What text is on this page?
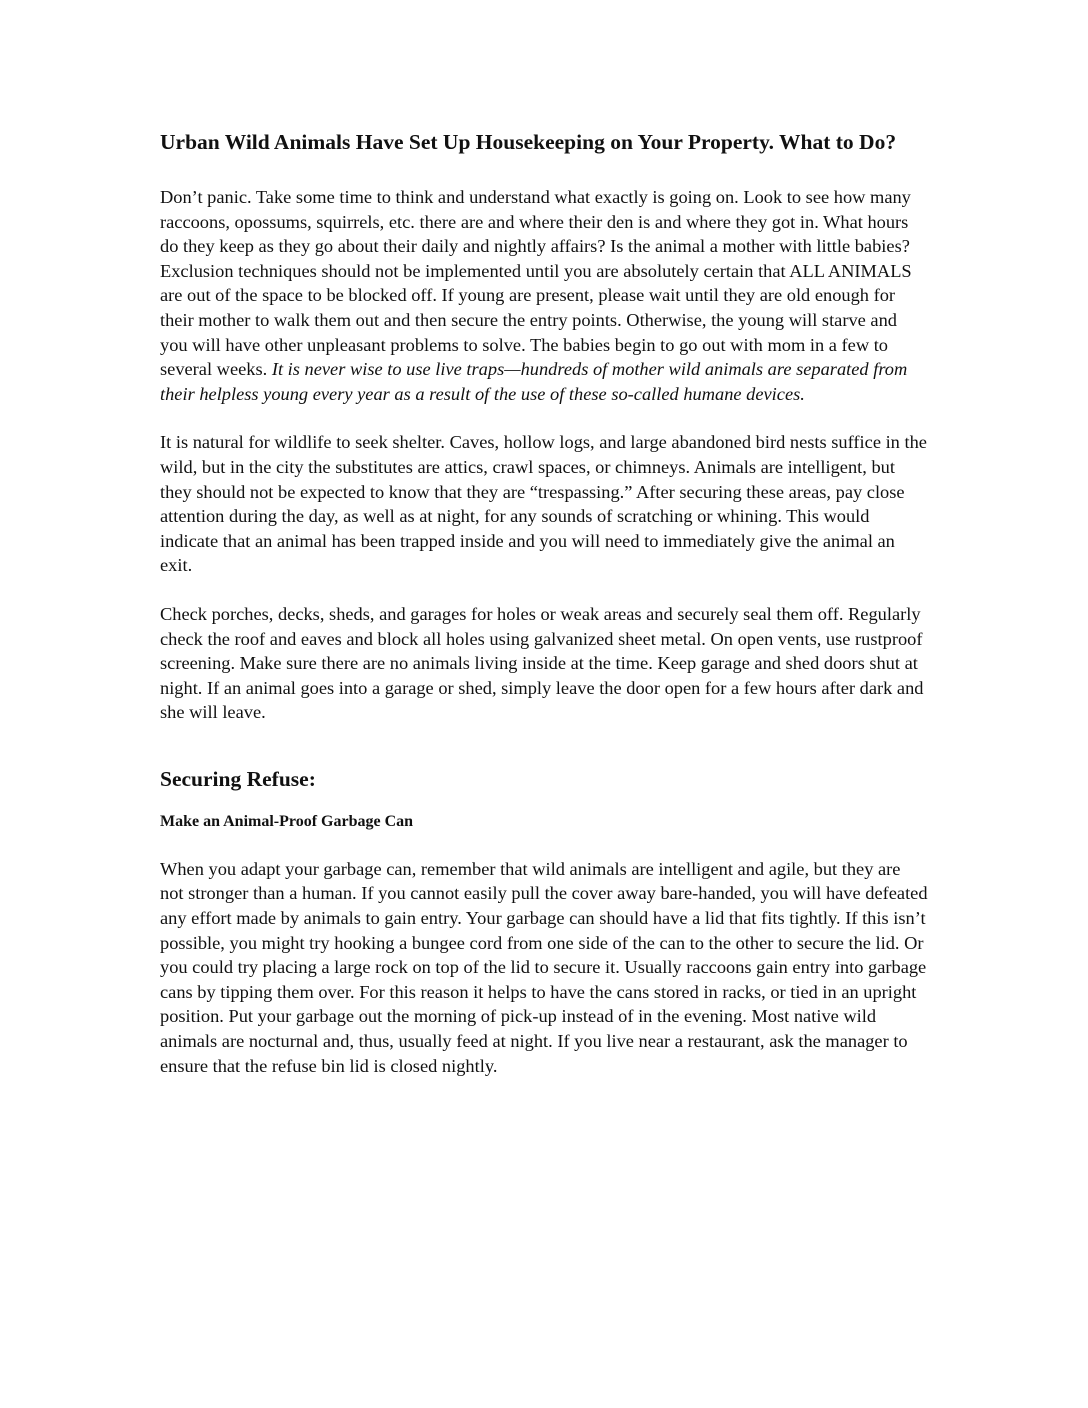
Urban Wild Animals Have Set Up Housekeeping on Your Property. What to Do?

Don’t panic. Take some time to think and understand what exactly is going on. Look to see how many raccoons, opossums, squirrels, etc. there are and where their den is and where they got in. What hours do they keep as they go about their daily and nightly affairs? Is the animal a mother with little babies? Exclusion techniques should not be implemented until you are absolutely certain that ALL ANIMALS are out of the space to be blocked off. If young are present, please wait until they are old enough for their mother to walk them out and then secure the entry points. Otherwise, the young will starve and you will have other unpleasant problems to solve. The babies begin to go out with mom in a few to several weeks. It is never wise to use live traps—hundreds of mother wild animals are separated from their helpless young every year as a result of the use of these so-called humane devices.

It is natural for wildlife to seek shelter. Caves, hollow logs, and large abandoned bird nests suffice in the wild, but in the city the substitutes are attics, crawl spaces, or chimneys. Animals are intelligent, but they should not be expected to know that they are “trespassing.” After securing these areas, pay close attention during the day, as well as at night, for any sounds of scratching or whining. This would indicate that an animal has been trapped inside and you will need to immediately give the animal an exit.

Check porches, decks, sheds, and garages for holes or weak areas and securely seal them off. Regularly check the roof and eaves and block all holes using galvanized sheet metal. On open vents, use rustproof screening. Make sure there are no animals living inside at the time. Keep garage and shed doors shut at night. If an animal goes into a garage or shed, simply leave the door open for a few hours after dark and she will leave.

Securing Refuse:
Make an Animal-Proof Garbage Can

When you adapt your garbage can, remember that wild animals are intelligent and agile, but they are not stronger than a human. If you cannot easily pull the cover away bare-handed, you will have defeated any effort made by animals to gain entry. Your garbage can should have a lid that fits tightly. If this isn’t possible, you might try hooking a bungee cord from one side of the can to the other to secure the lid. Or you could try placing a large rock on top of the lid to secure it. Usually raccoons gain entry into garbage cans by tipping them over. For this reason it helps to have the cans stored in racks, or tied in an upright position. Put your garbage out the morning of pick-up instead of in the evening. Most native wild animals are nocturnal and, thus, usually feed at night. If you live near a restaurant, ask the manager to ensure that the refuse bin lid is closed nightly.
